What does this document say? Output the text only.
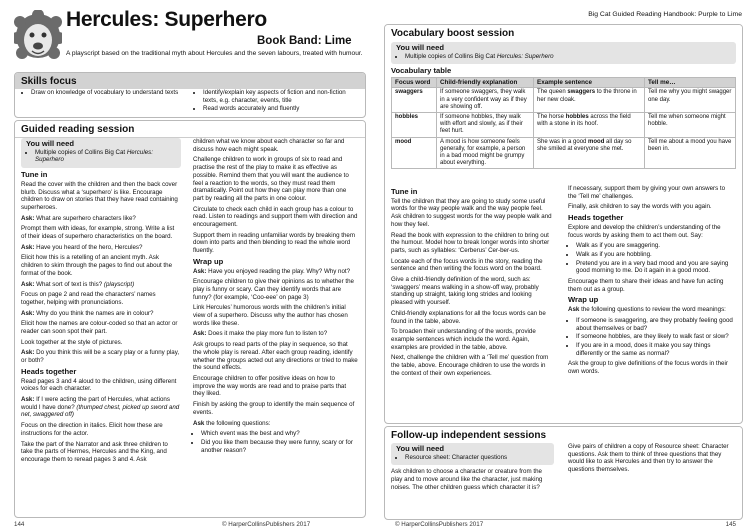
Hercules: Superhero
Book Band: Lime
A playscript based on the traditional myth about Hercules and the seven labours, treated with humour.
Skills focus
• Draw on knowledge of vocabulary to understand texts	• Identify/explain key aspects of fiction and non-fiction texts, e.g. character, events, title
• Read words accurately and fluently
Guided reading session
You will need
• Multiple copies of Collins Big Cat Hercules: Superhero
Tune in

Read the cover with the children and then the back cover blurb. Discuss what a ‘superhero’ is like. Encourage children to draw on stories that they have read containing superheroes.

Ask: What are superhero characters like?

Prompt them with ideas, for example, strong. Write a list of their ideas of superhero characteristics on the board.

Ask: Have you heard of the hero, Hercules?

Elicit how this is a retelling of an ancient myth. Ask children to skim through the pages to find out about the format of the book.

Ask: What sort of text is this? (playscript)

Focus on page 2 and read the characters’ names together, helping with pronunciations.

Ask: Why do you think the names are in colour?

Elicit how the names are colour-coded so that an actor or reader can soon spot their part.

Look together at the style of pictures.

Ask: Do you think this will be a scary play or a funny play, or both?

Heads together

Read pages 3 and 4 aloud to the children, using different voices for each character.

Ask: If I were acting the part of Hercules, what actions would I have done? (thumped chest, picked up sword and net, swaggered off)

Focus on the direction in italics. Elicit how these are instructions for the actor.

Take the part of the Narrator and ask three children to take the parts of Hermes, Hercules and the King, and encourage them to reread pages 3 and 4. Ask

children what we know about each character so far and discuss how each might speak.

Challenge children to work in groups of six to read and practise the rest of the play to make it as effective as possible. Remind them that you will want the audience to feel a reaction to the words, so they must read them dramatically. Point out how they can play more than one part by reading all the parts in one colour.

Circulate to check each child in each group has a colour to read. Listen to readings and support them with direction and encouragement.

Support them in reading unfamiliar words by breaking them down into parts and then blending to read the whole word fluently.

Wrap up

Ask: Have you enjoyed reading the play. Why? Why not?

Encourage children to give their opinions as to whether the play is funny or scary. Can they identify words that are funny? (for example, ‘Coo-eee’ on page 3)

Link Hercules’ humorous words with the children’s initial view of a superhero. Discuss why the author has chosen words like these.

Ask: Does it make the play more fun to listen to?

Ask groups to read parts of the play in sequence, so that the whole play is reread. After each group reading, identify whether the groups acted out any directions or tried to make the sound effects.

Encourage children to offer positive ideas on how to improve the way words are read and to praise parts that they liked.

Finish by asking the group to identify the main sequence of events.

Ask the following questions:

• Which event was the best and why?
• Did you like them because they were funny, scary or for another reason?
144	© HarperCollinsPublishers 2017
Big Cat Guided Reading Handbook: Purple to Lime
Vocabulary boost session
You will need
• Multiple copies of Collins Big Cat Hercules: Superhero
Vocabulary table
Focus word	Child-friendly explanation	Example sentence	Tell me…
swaggers	If someone swaggers, they walk in a very confident way as if they are showing off.	The queen swaggers to the throne in her new cloak.	Tell me why you might swagger one day.
hobbles	If someone hobbles, they walk with effort and slowly, as if their feet hurt.	The horse hobbles across the field with a stone in its hoof.	Tell me when someone might hobble.
mood	A mood is how someone feels generally, for example, a person in a bad mood might be grumpy about everything.	She was in a good mood all day so she smiled at everyone she met.	Tell me about a mood you have been in.
Tune in

Tell the children that they are going to study some useful words for the way people walk and the way people feel. Ask children to suggest words for the way people walk and how they feel.

Read the book with expression to the children to bring out the humour. Model how to break longer words into shorter parts, such as syllables: ‘Cerberus’ Cer-ber-us.

Locate each of the focus words in the story, reading the sentence and then writing the focus word on the board.

Give a child-friendly definition of the word, such as: ‘swaggers’ means walking in a show-off way, probably standing up straight, taking long strides and looking pleased with yourself.

Child-friendly explanations for all the focus words can be found in the table, above.

To broaden their understanding of the words, provide example sentences which include the word. Again, examples are provided in the table, above.

Next, challenge the children with a ‘Tell me’ question from the table, above. Encourage children to use the words in the context of their own experiences.

If necessary, support them by giving your own answers to the ‘Tell me’ challenges.

Finally, ask children to say the words with you again.

Heads together

Explore and develop the children’s understanding of the focus words by asking them to act them out. Say:

• Walk as if you are swaggering.
• Walk as if you are hobbling.
• Pretend you are in a very bad mood and you are saying good morning to me. Do it again in a good mood.

Encourage them to share their ideas and have fun acting them out as a group.

Wrap up

Ask the following questions to review the word meanings:

• If someone is swaggering, are they probably feeling good about themselves or bad?
• If someone hobbles, are they likely to walk fast or slow?
• If you are in a mood, does it make you say things differently or the same as normal?

Ask the group to give definitions of the focus words in their own words.

Follow-up independent sessions
You will need
• Resource sheet: Character questions

Ask children to choose a character or creature from the play and to move around like the character, just making noises. The other children guess which character it is?

Give pairs of children a copy of Resource sheet: Character questions. Ask them to think of three questions that they would like to ask Hercules and then try to answer the questions themselves.

© HarperCollinsPublishers 2017	145
